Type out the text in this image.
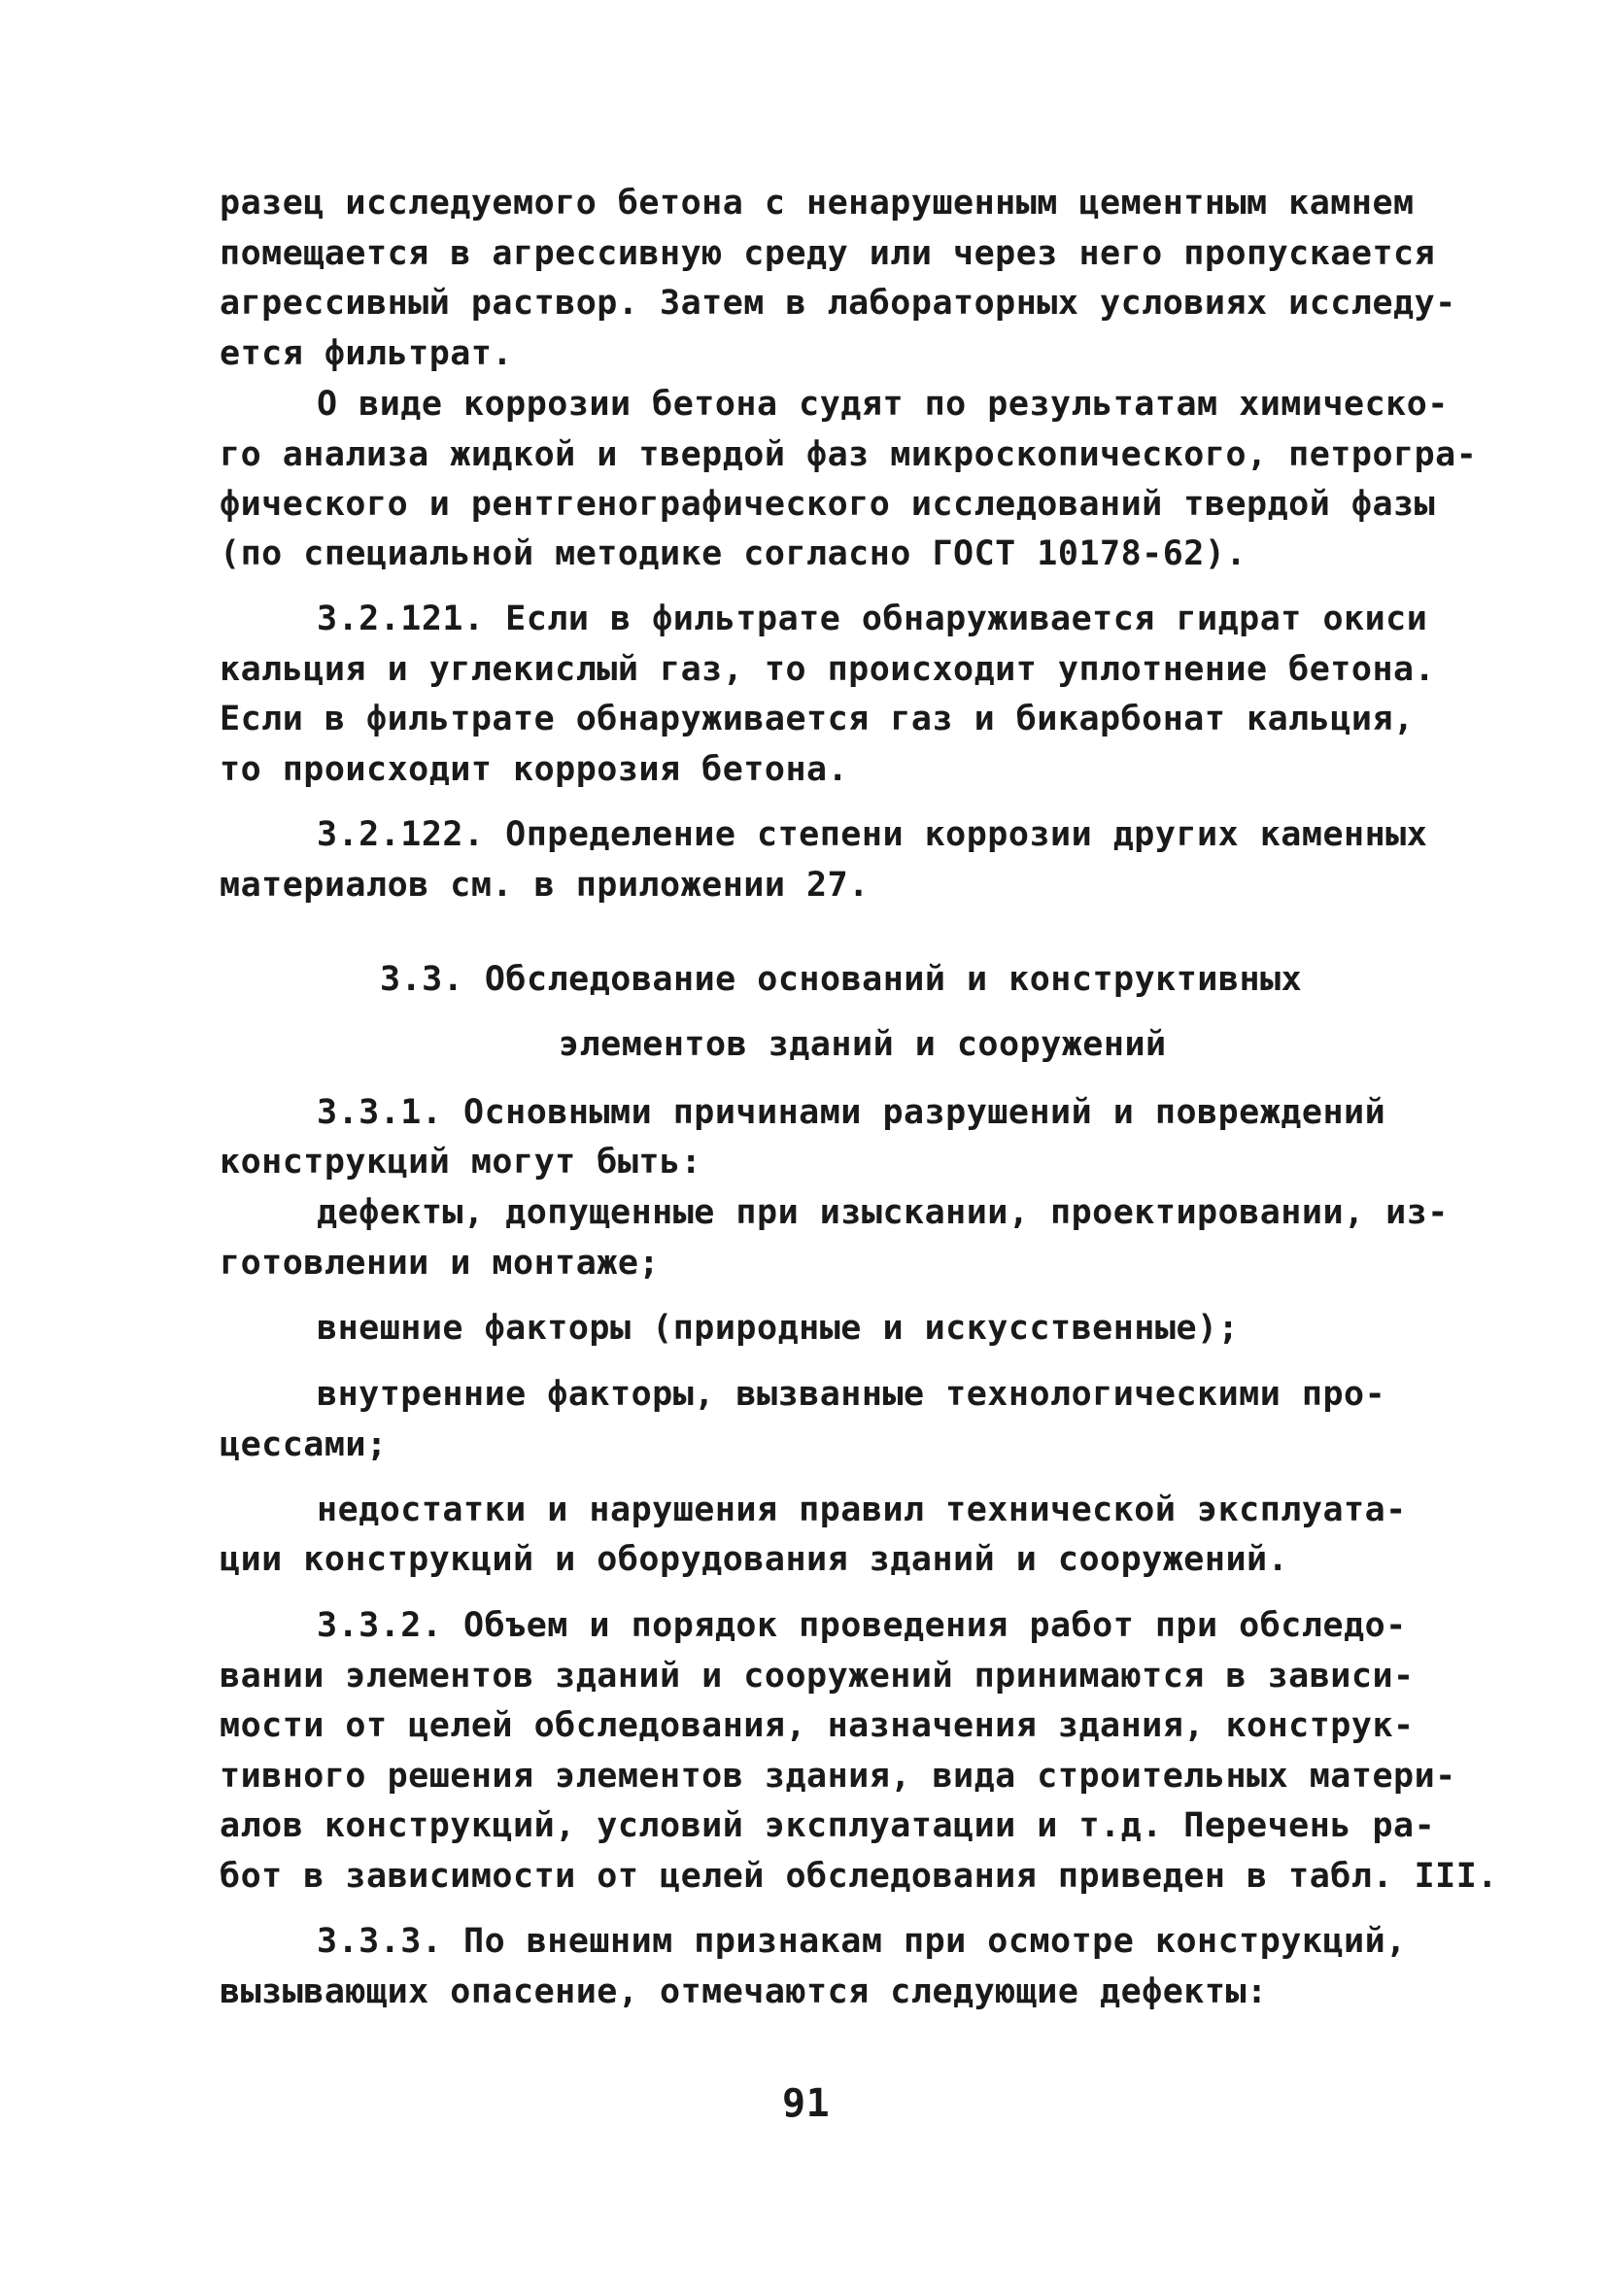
разец исследуемого бетона с ненарушенным цементным камнем
помещается в агрессивную среду или через него пропускается
агрессивный раствор. Затем в лабораторных условиях исследу-
ется фильтрат.
О виде коррозии бетона судят по результатам химическо-
го анализа жидкой и твердой фаз микроскопического, петрогра-
фического и рентгенографического исследований твердой фазы
(по специальной методике согласно ГОСТ 10178-62).
3.2.121. Если в фильтрате обнаруживается гидрат окиси
кальция и углекислый газ, то происходит уплотнение бетона.
Если в фильтрате обнаруживается газ и бикарбонат кальция,
то происходит коррозия бетона.
3.2.122. Определение степени коррозии других каменных
материалов см. в приложении 27.
3.3. Обследование оснований и конструктивных
элементов зданий и сооружений
3.3.1. Основными причинами разрушений и повреждений
конструкций могут быть:
дефекты, допущенные при изыскании, проектировании, из-
готовлении и монтаже;
внешние факторы (природные и искусственные);
внутренние факторы, вызванные технологическими про-
цессами;
недостатки и нарушения правил технической эксплуата-
ции конструкций и оборудования зданий и сооружений.
3.3.2. Объем и порядок проведения работ при обследо-
вании элементов зданий и сооружений принимаются в зависи-
мости от целей обследования, назначения здания, конструк-
тивного решения элементов здания, вида строительных матери-
алов конструкций, условий эксплуатации и т.д. Перечень ра-
бот в зависимости от целей обследования приведен в табл. III.
3.3.3. По внешним признакам при осмотре конструкций,
вызывающих опасение, отмечаются следующие дефекты:
91
